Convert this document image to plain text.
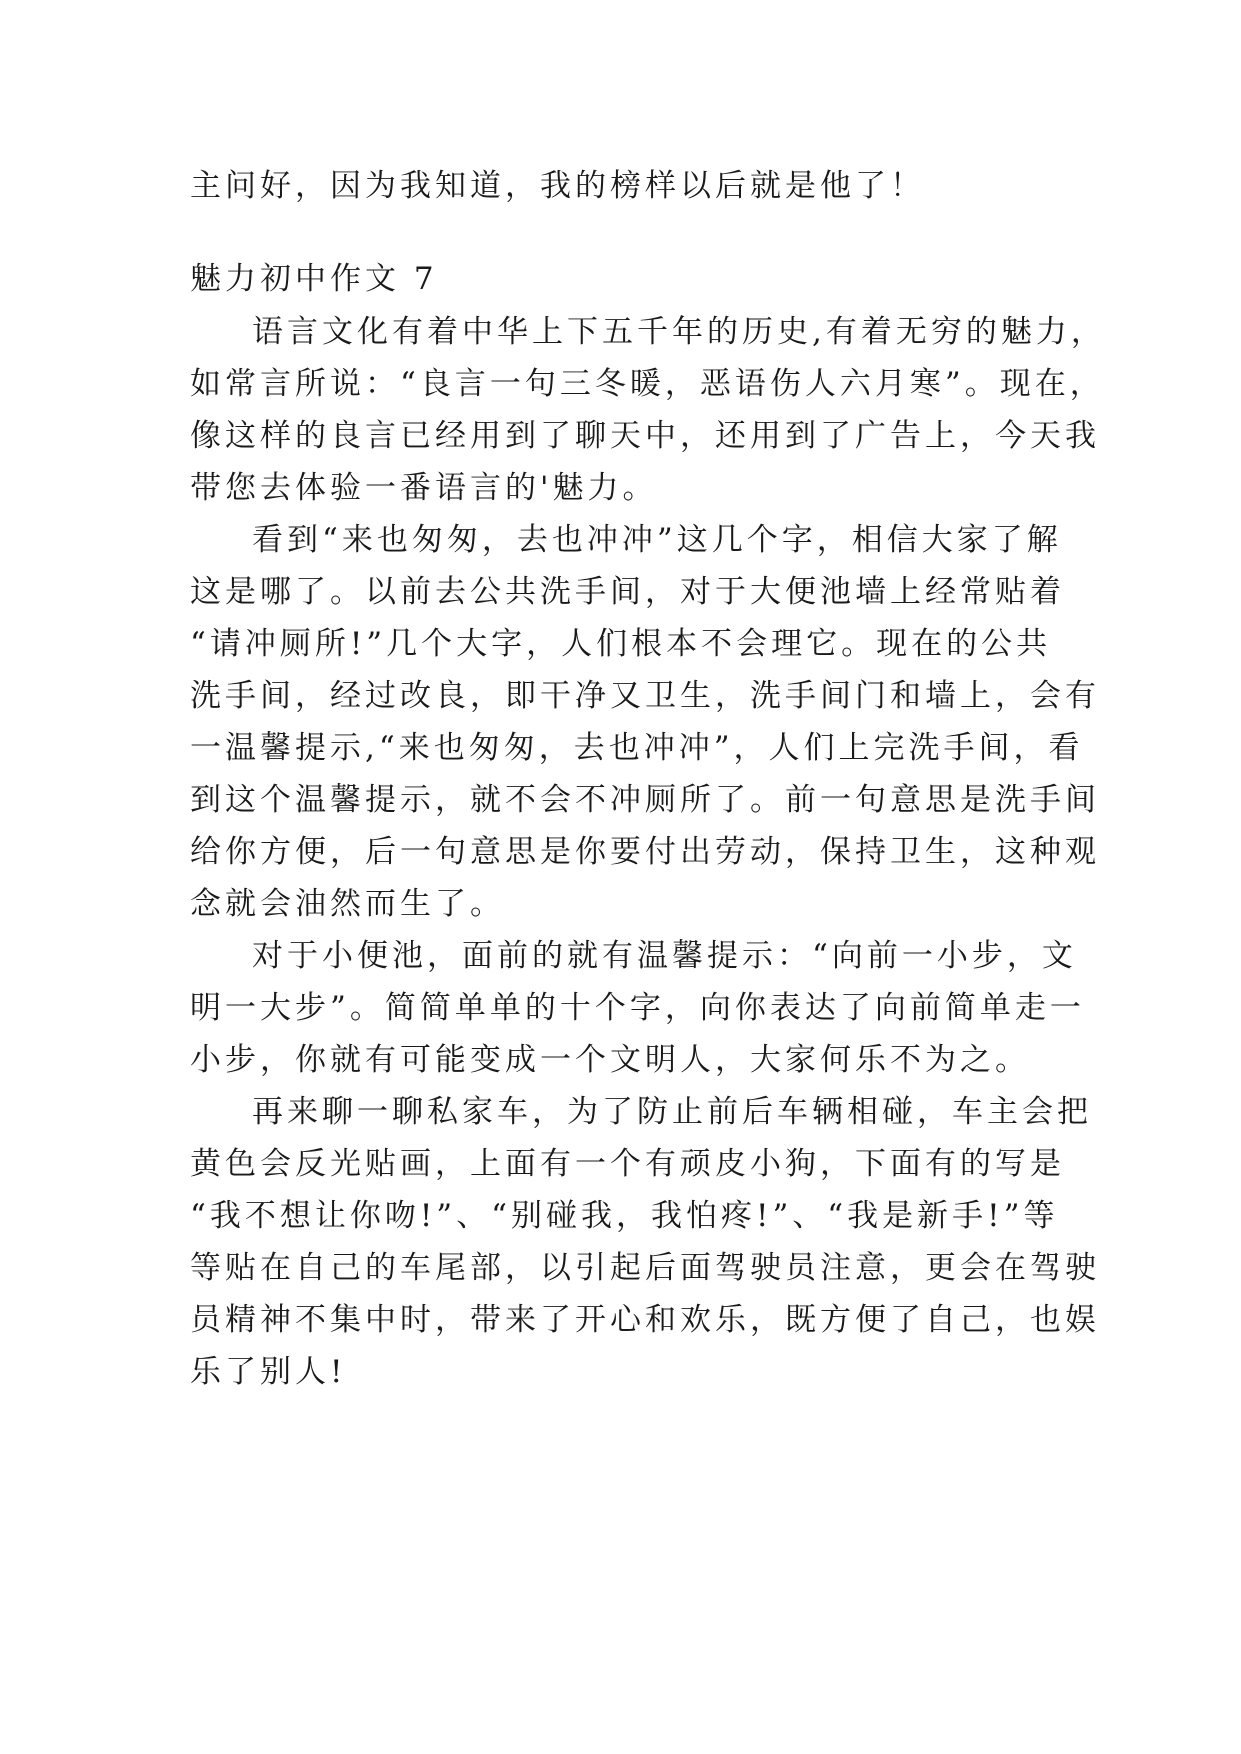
主问好，因为我知道，我的榜样以后就是他了！

魅力初中作文 7

语言文化有着中华上下五千年的历史,有着无穷的魅力，

如常言所说：“良言一句三冬暖，恶语伤人六月寒”。现在，

像这样的良言已经用到了聊天中，还用到了广告上，今天我

带您去体验一番语言的'魅力。

看到“来也匆匆，去也冲冲”这几个字，相信大家了解

这是哪了。以前去公共洗手间，对于大便池墙上经常贴着

“请冲厕所!”几个大字，人们根本不会理它。现在的公共

洗手间，经过改良，即干净又卫生，洗手间门和墙上，会有

一温馨提示,“来也匆匆，去也冲冲”，人们上完洗手间，看

到这个温馨提示，就不会不冲厕所了。前一句意思是洗手间

给你方便，后一句意思是你要付出劳动，保持卫生，这种观

念就会油然而生了。

对于小便池，面前的就有温馨提示：“向前一小步，文

明一大步”。简简单单的十个字，向你表达了向前简单走一

小步，你就有可能变成一个文明人，大家何乐不为之。

再来聊一聊私家车，为了防止前后车辆相碰，车主会把

黄色会反光贴画，上面有一个有顽皮小狗，下面有的写是

“我不想让你吻!”、“别碰我，我怕疼!”、“我是新手!”等

等贴在自己的车尾部，以引起后面驾驶员注意，更会在驾驶

员精神不集中时，带来了开心和欢乐，既方便了自己，也娱

乐了别人!
